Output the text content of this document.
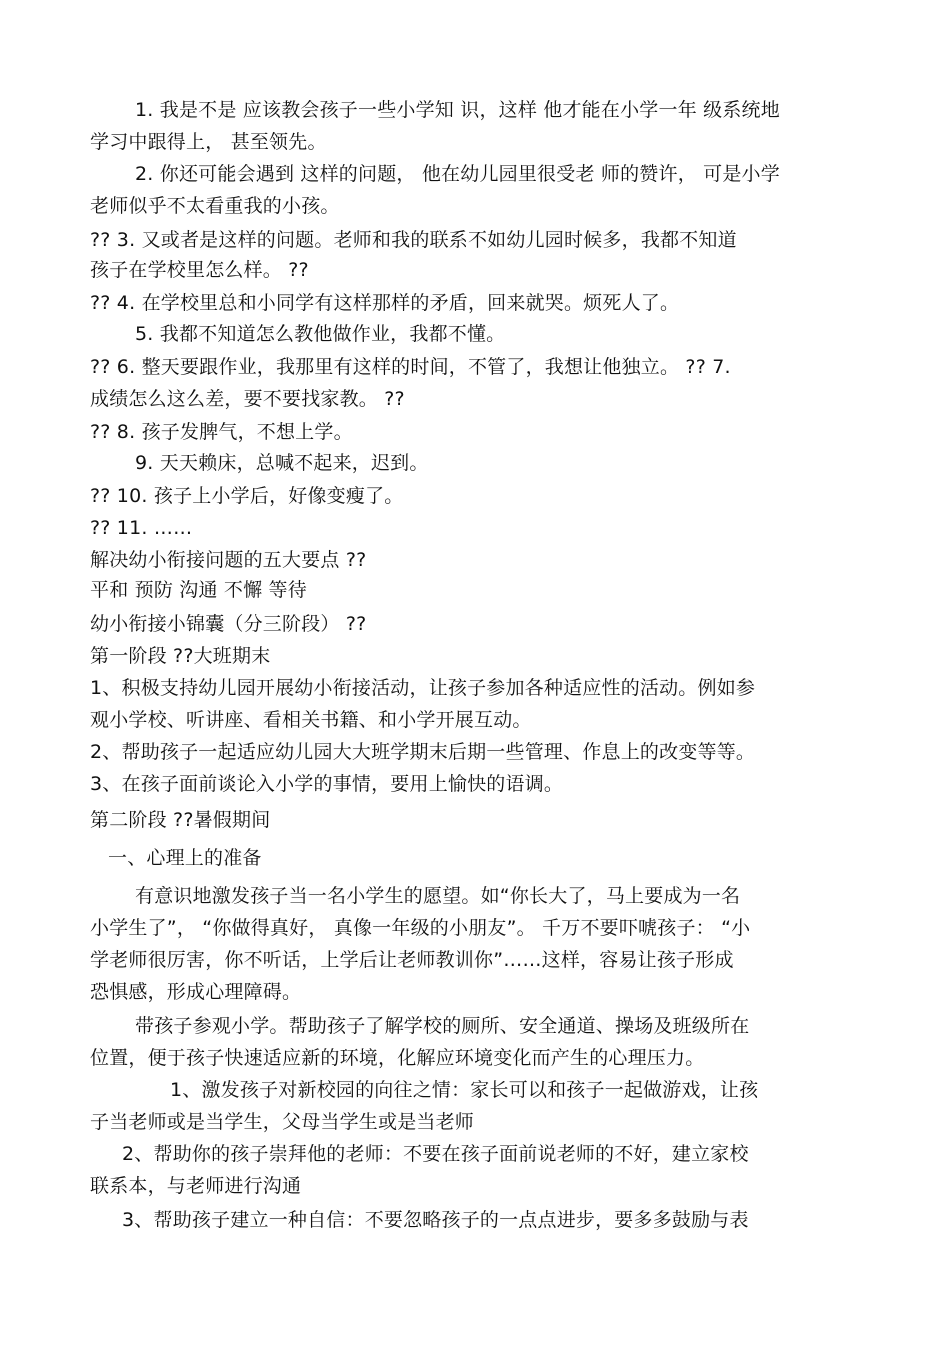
1. 我是不是 应该教会孩子一些小学知 识，这样 他才能在小学一年 级系统地
学习中跟得上， 甚至领先。
2. 你还可能会遇到 这样的问题， 他在幼儿园里很受老 师的赞许， 可是小学
老师似乎不太看重我的小孩。
?? 3. 又或者是这样的问题。老师和我的联系不如幼儿园时候多，我都不知道
孩子在学校里怎么样。 ??
?? 4. 在学校里总和小同学有这样那样的矛盾，回来就哭。烦死人了。
5. 我都不知道怎么教他做作业，我都不懂。
?? 6. 整天要跟作业，我那里有这样的时间，不管了，我想让他独立。 ?? 7.
成绩怎么这么差，要不要找家教。 ??
?? 8. 孩子发脾气，不想上学。
9. 天天赖床，总喊不起来，迟到。
?? 10. 孩子上小学后，好像变瘦了。
?? 11. ……
解决幼小衔接问题的五大要点 ??
平和 预防 沟通 不懈 等待
幼小衔接小锦囊（分三阶段） ??
第一阶段 ??大班期末
1、积极支持幼儿园开展幼小衔接活动，让孩子参加各种适应性的活动。例如参
观小学校、听讲座、看相关书籍、和小学开展互动。
2、帮助孩子一起适应幼儿园大大班学期末后期一些管理、作息上的改变等等。
3、在孩子面前谈论入小学的事情，要用上愉快的语调。
第二阶段 ??暑假期间
一、心理上的准备
有意识地激发孩子当一名小学生的愿望。如“你长大了，马上要成为一名
小学生了”， “你做得真好， 真像一年级的小朋友”。 千万不要吓唬孩子： “小
学老师很厉害，你不听话，上学后让老师教训你”……这样，容易让孩子形成
恐惧感，形成心理障碍。
带孩子参观小学。帮助孩子了解学校的厕所、安全通道、操场及班级所在
位置，便于孩子快速适应新的环境，化解应环境变化而产生的心理压力。
1、激发孩子对新校园的向往之情：家长可以和孩子一起做游戏，让孩
子当老师或是当学生，父母当学生或是当老师
2、帮助你的孩子崇拜他的老师：不要在孩子面前说老师的不好，建立家校
联系本，与老师进行沟通
3、帮助孩子建立一种自信：不要忽略孩子的一点点进步，要多多鼓励与表
